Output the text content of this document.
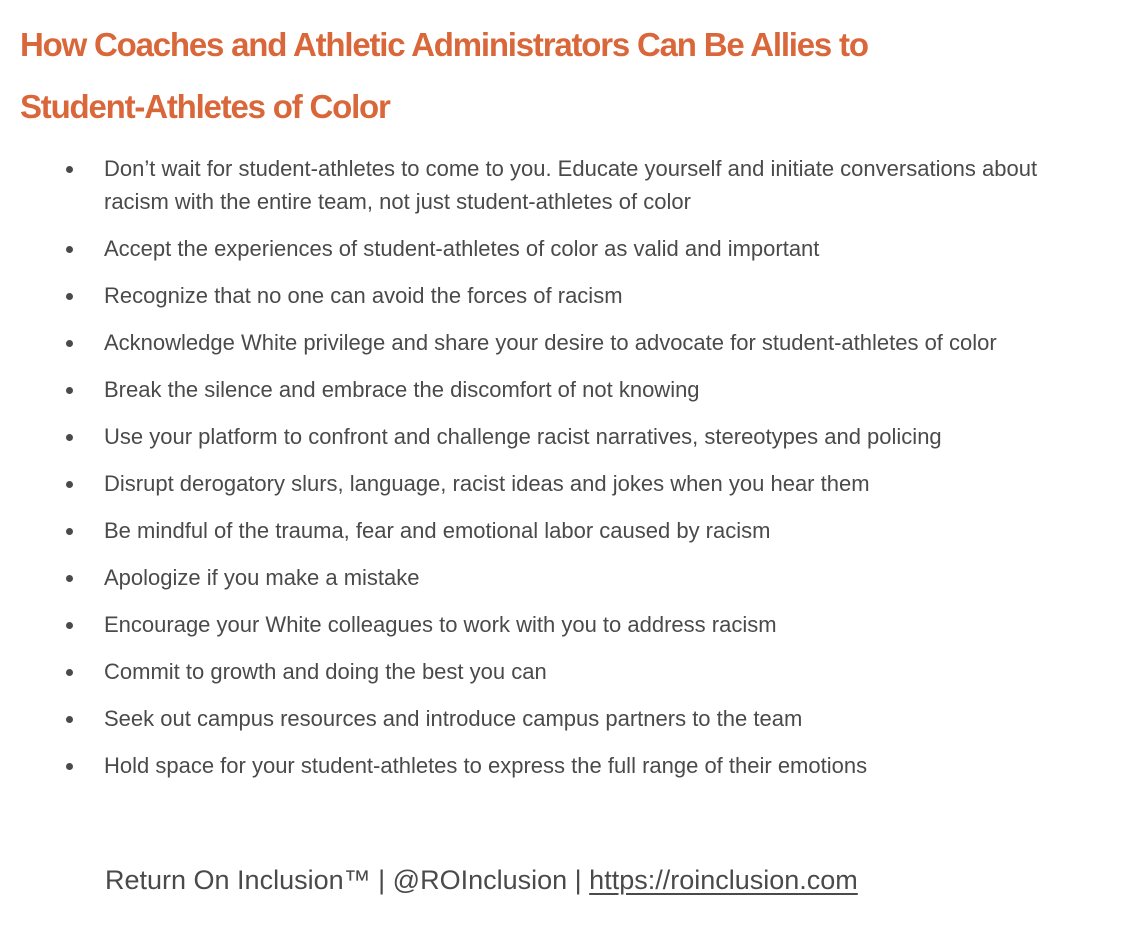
How Coaches and Athletic Administrators Can Be Allies to
Student-Athletes of Color
Don’t wait for student-athletes to come to you. Educate yourself and initiate conversations about racism with the entire team, not just student-athletes of color
Accept the experiences of student-athletes of color as valid and important
Recognize that no one can avoid the forces of racism
Acknowledge White privilege and share your desire to advocate for student-athletes of color
Break the silence and embrace the discomfort of not knowing
Use your platform to confront and challenge racist narratives, stereotypes and policing
Disrupt derogatory slurs, language, racist ideas and jokes when you hear them
Be mindful of the trauma, fear and emotional labor caused by racism
Apologize if you make a mistake
Encourage your White colleagues to work with you to address racism
Commit to growth and doing the best you can
Seek out campus resources and introduce campus partners to the team
Hold space for your student-athletes to express the full range of their emotions
Return On Inclusion™ | @ROInclusion | https://roinclusion.com
